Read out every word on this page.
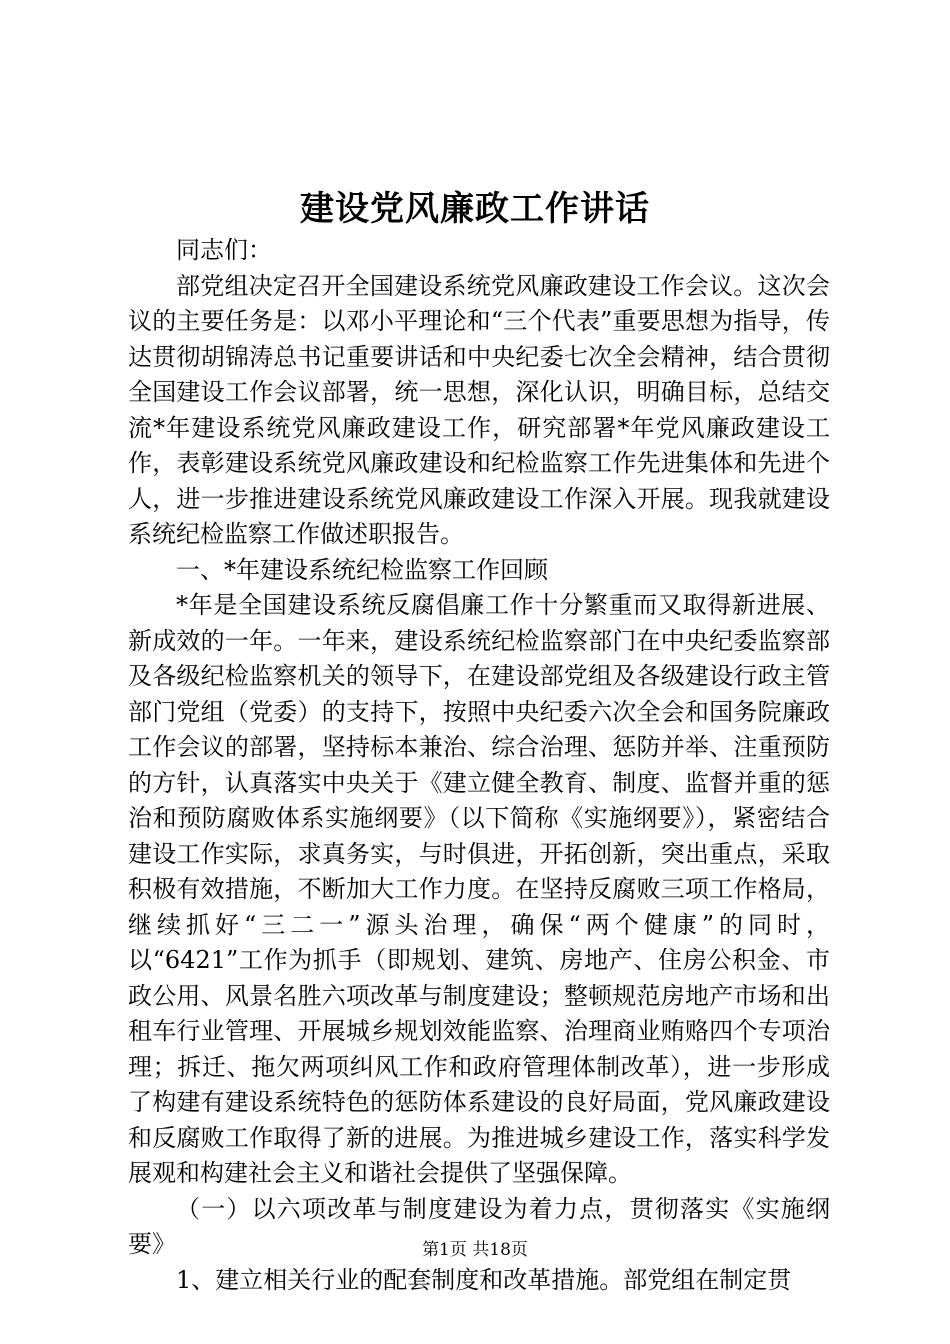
建设党风廉政工作讲话

同志们：

部党组决定召开全国建设系统党风廉政建设工作会议。这次会议的主要任务是：以邓小平理论和“三个代表”重要思想为指导，传达贯彻胡锦涛总书记重要讲话和中央纪委七次全会精神，结合贯彻全国建设工作会议部署，统一思想，深化认识，明确目标，总结交流*年建设系统党风廉政建设工作，研究部署*年党风廉政建设工作，表彰建设系统党风廉政建设和纪检监察工作先进集体和先进个人，进一步推进建设系统党风廉政建设工作深入开展。现我就建设系统纪检监察工作做述职报告。

一、*年建设系统纪检监察工作回顾

*年是全国建设系统反腐倡廉工作十分繁重而又取得新进展、新成效的一年。一年来，建设系统纪检监察部门在中央纪委监察部及各级纪检监察机关的领导下，在建设部党组及各级建设行政主管部门党组（党委）的支持下，按照中央纪委六次全会和国务院廉政工作会议的部署，坚持标本兼治、综合治理、惩防并举、注重预防的方针，认真落实中央关于《建立健全教育、制度、监督并重的惩治和预防腐败体系实施纲要》（以下简称《实施纲要》），紧密结合建设工作实际，求真务实，与时俱进，开拓创新，突出重点，采取积极有效措施，不断加大工作力度。在坚持反腐败三项工作格局，继续抓好“三二一”源头治理，确保“两个健康”的同时，以“6421”工作为抓手（即规划、建筑、房地产、住房公积金、市政公用、风景名胜六项改革与制度建设；整顿规范房地产市场和出租车行业管理、开展城乡规划效能监察、治理商业贿赂四个专项治理；拆迁、拖欠两项纠风工作和政府管理体制改革），进一步形成了构建有建设系统特色的惩防体系建设的良好局面，党风廉政建设和反腐败工作取得了新的进展。为推进城乡建设工作，落实科学发展观和构建社会主义和谐社会提供了坚强保障。

（一）以六项改革与制度建设为着力点，贯彻落实《实施纲要》

1、建立相关行业的配套制度和改革措施。部党组在制定贯

第1页 共18页
